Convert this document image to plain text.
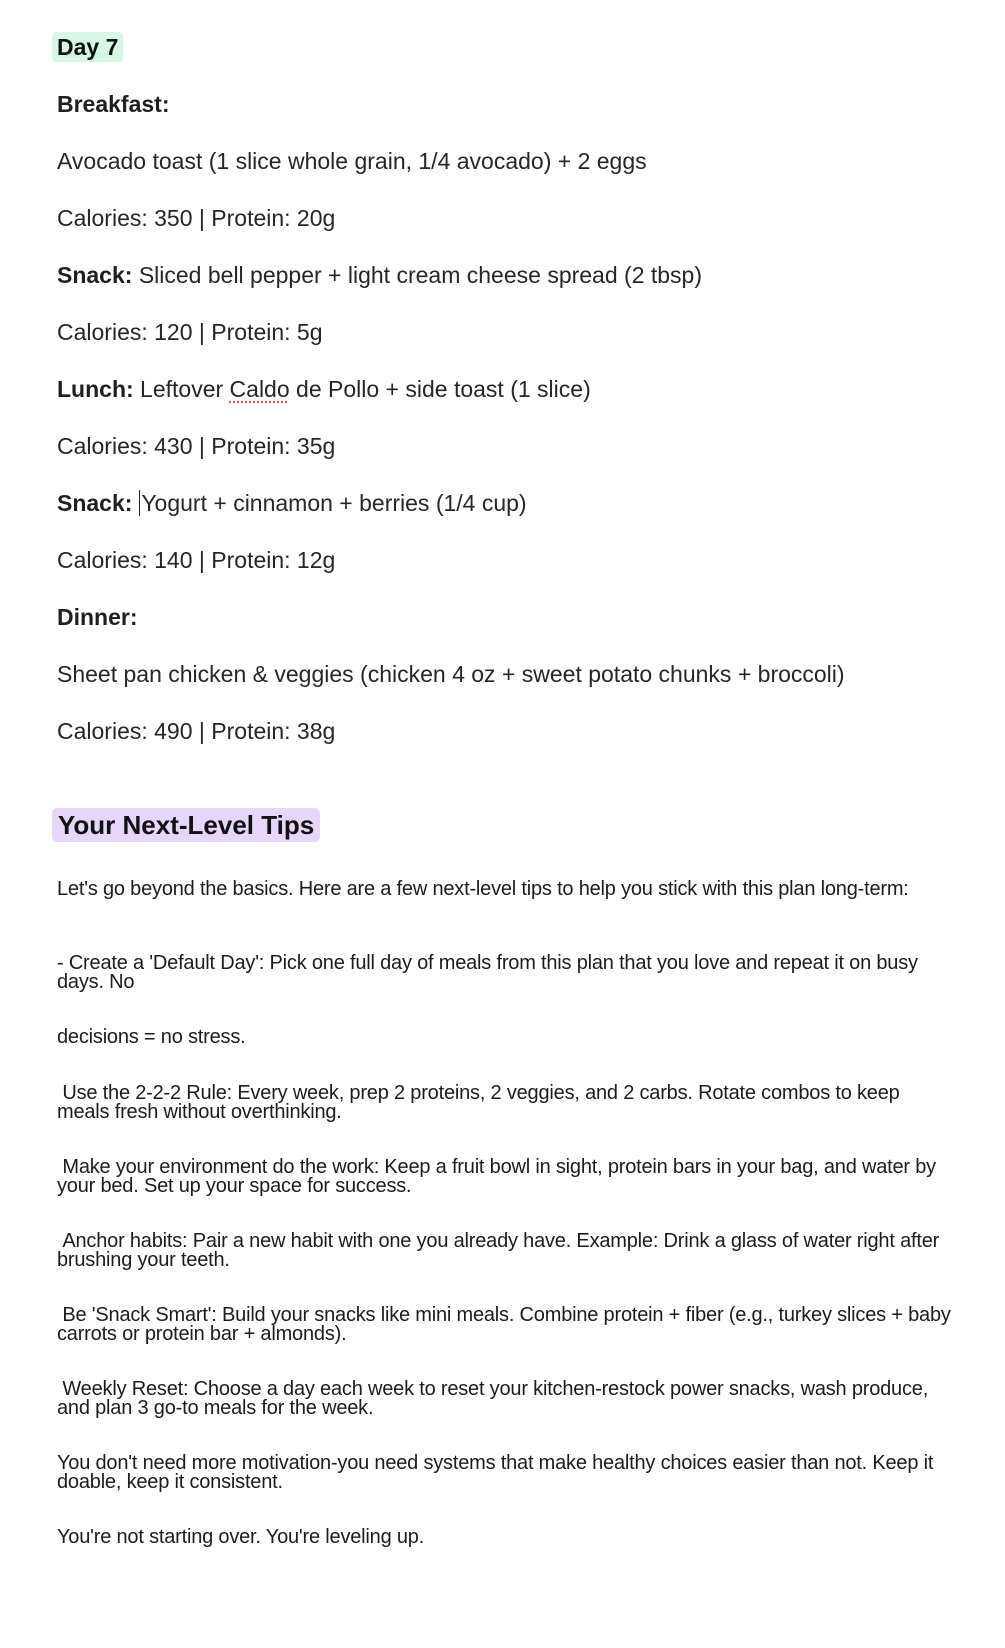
Day 7
Breakfast:
Avocado toast (1 slice whole grain, 1/4 avocado) + 2 eggs
Calories: 350 | Protein: 20g
Snack: Sliced bell pepper + light cream cheese spread (2 tbsp)
Calories: 120 | Protein: 5g
Lunch: Leftover Caldo de Pollo + side toast (1 slice)
Calories: 430 | Protein: 35g
Snack: Yogurt + cinnamon + berries (1/4 cup)
Calories: 140 | Protein: 12g
Dinner:
Sheet pan chicken & veggies (chicken 4 oz + sweet potato chunks + broccoli)
Calories: 490 | Protein: 38g
Your Next-Level Tips
Let's go beyond the basics. Here are a few next-level tips to help you stick with this plan long-term:
- Create a 'Default Day': Pick one full day of meals from this plan that you love and repeat it on busy days. No
decisions = no stress.
Use the 2-2-2 Rule: Every week, prep 2 proteins, 2 veggies, and 2 carbs. Rotate combos to keep meals fresh without overthinking.
Make your environment do the work: Keep a fruit bowl in sight, protein bars in your bag, and water by your bed. Set up your space for success.
Anchor habits: Pair a new habit with one you already have. Example: Drink a glass of water right after brushing your teeth.
Be 'Snack Smart': Build your snacks like mini meals. Combine protein + fiber (e.g., turkey slices + baby carrots or protein bar + almonds).
Weekly Reset: Choose a day each week to reset your kitchen-restock power snacks, wash produce, and plan 3 go-to meals for the week.
You don't need more motivation-you need systems that make healthy choices easier than not. Keep it doable, keep it consistent.
You're not starting over. You're leveling up.
